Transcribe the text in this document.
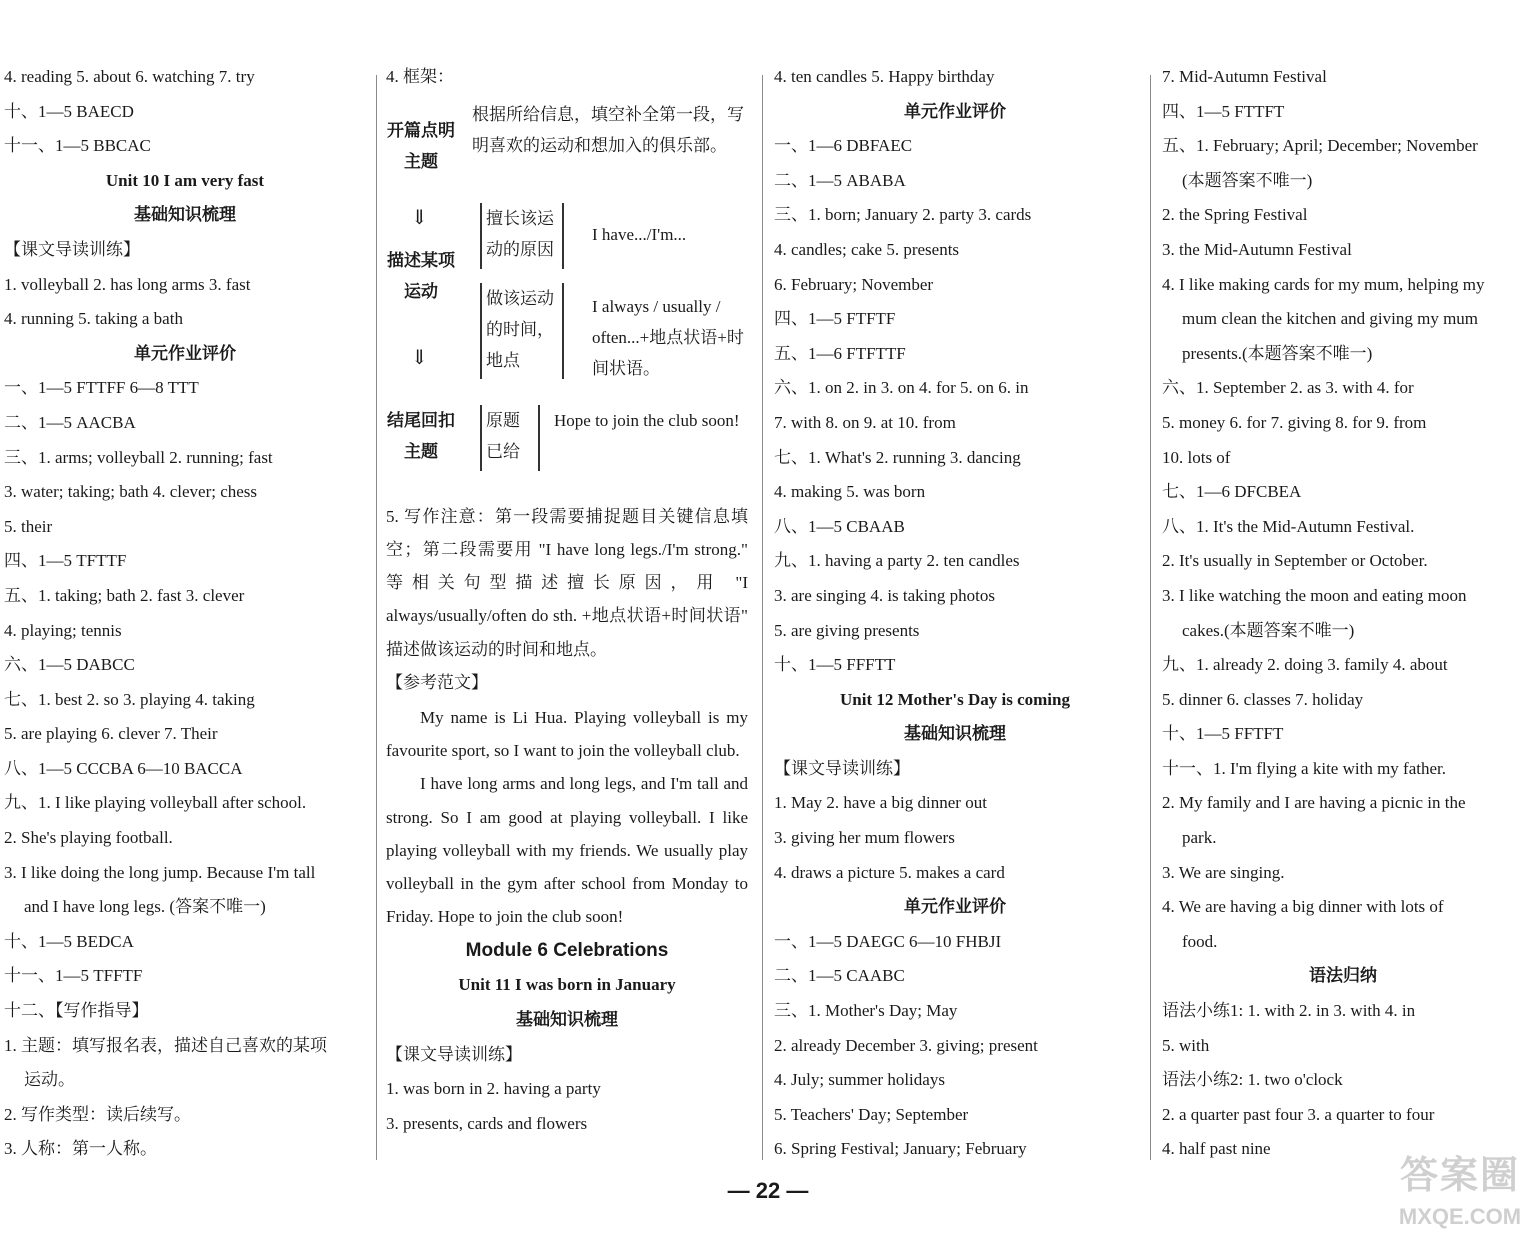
4. reading 5. about 6. watching 7. try
十、1—5 BAECD
十一、1—5 BBCAC
Unit 10 I am very fast
基础知识梳理
【课文导读训练】
1. volleyball 2. has long arms 3. fast
4. running 5. taking a bath
单元作业评价
一、1—5 FTTFF 6—8 TTT
二、1—5 AACBA
三、1. arms; volleyball 2. running; fast
3. water; taking; bath 4. clever; chess
5. their
四、1—5 TFTTF
五、1. taking; bath 2. fast 3. clever
4. playing; tennis
六、1—5 DABCC
七、1. best 2. so 3. playing 4. taking
5. are playing 6. clever 7. Their
八、1—5 CCCBA 6—10 BACCA
九、1. I like playing volleyball after school.
2. She's playing football.
3. I like doing the long jump. Because I'm tall
and I have long legs. (答案不唯一)
十、1—5 BEDCA
十一、1—5 TFFTF
十二、【写作指导】
1. 主题：填写报名表，描述自己喜欢的某项
运动。
2. 写作类型：读后续写。
3. 人称：第一人称。
4. 框架：
开篇点明主题
根据所给信息，填空补全第一段，写明喜欢的运动和想加入的俱乐部。
⇓
描述某项运动
擅长该运动的原因
I have.../I'm...
做该运动的时间，地点
I always / usually / often...+地点状语+时间状语。
⇓
结尾回扣主题
原题已给
Hope to join the club soon!

5. 写作注意：第一段需要捕捉题目关键信息填空；第二段需要用 "I have long legs./I'm strong." 等相关句型描述擅长原因，用 "I always/usually/often do sth. +地点状语+时间状语" 描述做该运动的时间和地点。

【参考范文】

My name is Li Hua. Playing volleyball is my favourite sport, so I want to join the volleyball club.

I have long arms and long legs, and I'm tall and strong. So I am good at playing volleyball. I like playing volleyball with my friends. We usually play volleyball in the gym after school from Monday to Friday. Hope to join the club soon!

Module 6 Celebrations
Unit 11 I was born in January
基础知识梳理
【课文导读训练】
1. was born in 2. having a party
3. presents, cards and flowers
4. ten candles 5. Happy birthday
单元作业评价
一、1—6 DBFAEC
二、1—5 ABABA
三、1. born; January 2. party 3. cards
4. candles; cake 5. presents
6. February; November
四、1—5 FTFTF
五、1—6 FTFTTF
六、1. on 2. in 3. on 4. for 5. on 6. in
7. with 8. on 9. at 10. from
七、1. What's 2. running 3. dancing
4. making 5. was born
八、1—5 CBAAB
九、1. having a party 2. ten candles
3. are singing 4. is taking photos
5. are giving presents
十、1—5 FFFTT
Unit 12 Mother's Day is coming
基础知识梳理
【课文导读训练】
1. May 2. have a big dinner out
3. giving her mum flowers
4. draws a picture 5. makes a card
单元作业评价
一、1—5 DAEGC 6—10 FHBJI
二、1—5 CAABC
三、1. Mother's Day; May
2. already December 3. giving; present
4. July; summer holidays
5. Teachers' Day; September
6. Spring Festival; January; February
7. Mid-Autumn Festival
四、1—5 FTTFT
五、1. February; April; December; November
(本题答案不唯一)
2. the Spring Festival
3. the Mid-Autumn Festival
4. I like making cards for my mum, helping my
mum clean the kitchen and giving my mum
presents.(本题答案不唯一)
六、1. September 2. as 3. with 4. for
5. money 6. for 7. giving 8. for 9. from
10. lots of
七、1—6 DFCBEA
八、1. It's the Mid-Autumn Festival.
2. It's usually in September or October.
3. I like watching the moon and eating moon
cakes.(本题答案不唯一)
九、1. already 2. doing 3. family 4. about
5. dinner 6. classes 7. holiday
十、1—5 FFTFT
十一、1. I'm flying a kite with my father.
2. My family and I are having a picnic in the
park.
3. We are singing.
4. We are having a big dinner with lots of
food.
语法归纳
语法小练1: 1. with 2. in 3. with 4. in
5. with
语法小练2: 1. two o'clock
2. a quarter past four 3. a quarter to four
4. half past nine
— 22 —	答案圈
MXQE.COM
